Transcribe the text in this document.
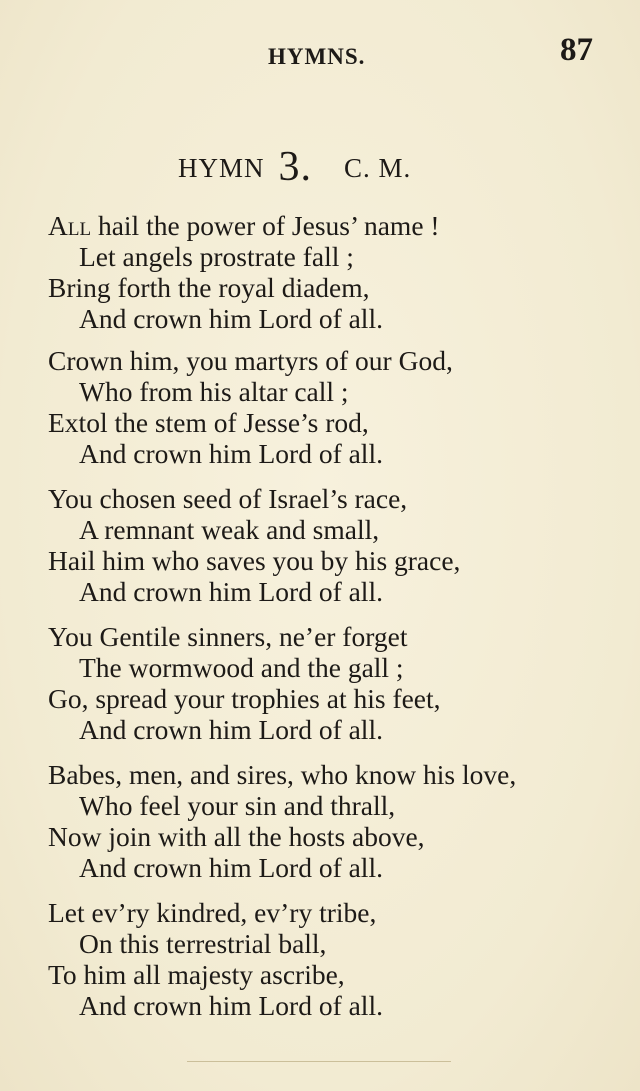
HYMNS.	87
HYMN 3. C. M.
All hail the power of Jesus’ name !
Let angels prostrate fall ;
Bring forth the royal diadem,
And crown him Lord of all.
Crown him, you martyrs of our God,
Who from his altar call ;
Extol the stem of Jesse’s rod,
And crown him Lord of all.
You chosen seed of Israel’s race,
A remnant weak and small,
Hail him who saves you by his grace,
And crown him Lord of all.
You Gentile sinners, ne’er forget
The wormwood and the gall ;
Go, spread your trophies at his feet,
And crown him Lord of all.
Babes, men, and sires, who know his love,
Who feel your sin and thrall,
Now join with all the hosts above,
And crown him Lord of all.
Let ev’ry kindred, ev’ry tribe,
On this terrestrial ball,
To him all majesty ascribe,
And crown him Lord of all.
